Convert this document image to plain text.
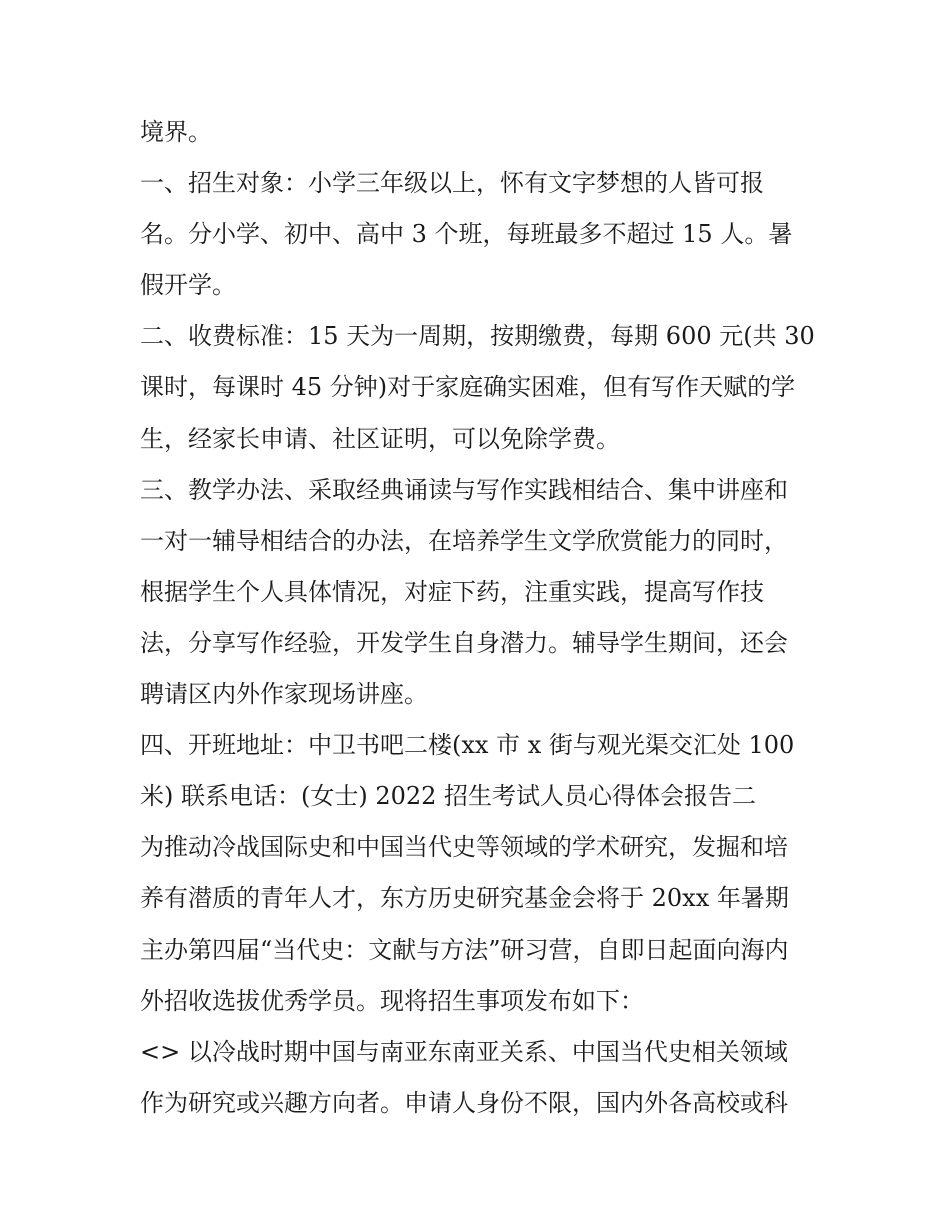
境界。
一、招生对象：小学三年级以上，怀有文字梦想的人皆可报
名。分小学、初中、高中 3 个班，每班最多不超过 15 人。暑
假开学。
二、收费标准：15 天为一周期，按期缴费，每期 600 元(共 30
课时，每课时 45 分钟)对于家庭确实困难，但有写作天赋的学
生，经家长申请、社区证明，可以免除学费。
三、教学办法、采取经典诵读与写作实践相结合、集中讲座和
一对一辅导相结合的办法，在培养学生文学欣赏能力的同时，
根据学生个人具体情况，对症下药，注重实践，提高写作技
法，分享写作经验，开发学生自身潜力。辅导学生期间，还会
聘请区内外作家现场讲座。
四、开班地址：中卫书吧二楼(xx 市 x 街与观光渠交汇处 100
米) 联系电话：(女士) 2022 招生考试人员心得体会报告二
为推动冷战国际史和中国当代史等领域的学术研究，发掘和培
养有潜质的青年人才，东方历史研究基金会将于 20xx 年暑期
主办第四届“当代史：文献与方法”研习营，自即日起面向海内
外招收选拔优秀学员。现将招生事项发布如下：
<> 以冷战时期中国与南亚东南亚关系、中国当代史相关领域
作为研究或兴趣方向者。申请人身份不限，国内外各高校或科
